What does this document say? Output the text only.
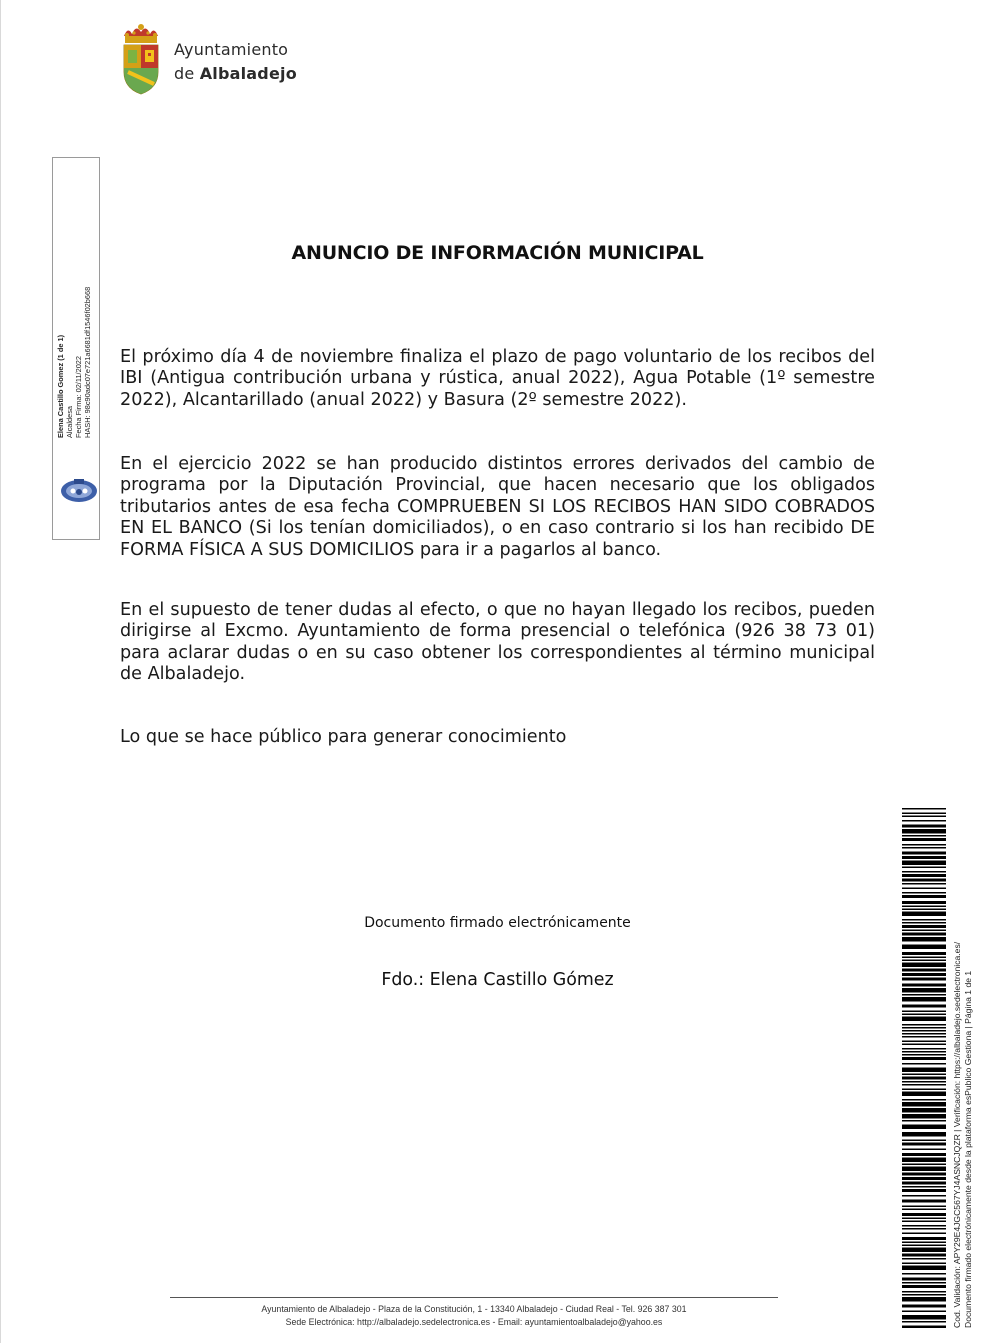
Ayuntamiento
de Albaladejo
Elena Castillo Gomez (1 de 1) Alcaldesa Fecha Firma: 02/11/2022 HASH: 98c90adc07e721a6681df1546f02b668
ANUNCIO DE INFORMACIÓN MUNICIPAL
El próximo día 4 de noviembre finaliza el plazo de pago voluntario de los recibos del IBI (Antigua contribución urbana y rústica, anual 2022), Agua Potable (1º semestre 2022), Alcantarillado (anual 2022) y Basura (2º semestre 2022).
En el ejercicio 2022 se han producido distintos errores derivados del cambio de programa por la Diputación Provincial, que hacen necesario que los obligados tributarios antes de esa fecha COMPRUEBEN SI LOS RECIBOS HAN SIDO COBRADOS EN EL BANCO (Si los tenían domiciliados), o en caso contrario si los han recibido DE FORMA FÍSICA A SUS DOMICILIOS para ir a pagarlos al banco.
En el supuesto de tener dudas al efecto, o que no hayan llegado los recibos, pueden dirigirse al Excmo. Ayuntamiento de forma presencial o telefónica (926 38 73 01) para aclarar dudas o en su caso obtener los correspondientes al término municipal de Albaladejo.
Lo que se hace público para generar conocimiento
Documento firmado electrónicamente
Fdo.: Elena Castillo Gómez	Cod. Validación: APY29E4JGC567YJ4ASNCJQZR | Verificación: https://albaladejo.sedelectronica.es/ Documento firmado electrónicamente desde la plataforma esPublico Gestiona | Página 1 de 1
Ayuntamiento de Albaladejo - Plaza de la Constitución, 1 - 13340 Albaladejo - Ciudad Real - Tel. 926 387 301
Sede Electrónica: http://albaladejo.sedelectronica.es - Email: ayuntamientoalbaladejo@yahoo.es
